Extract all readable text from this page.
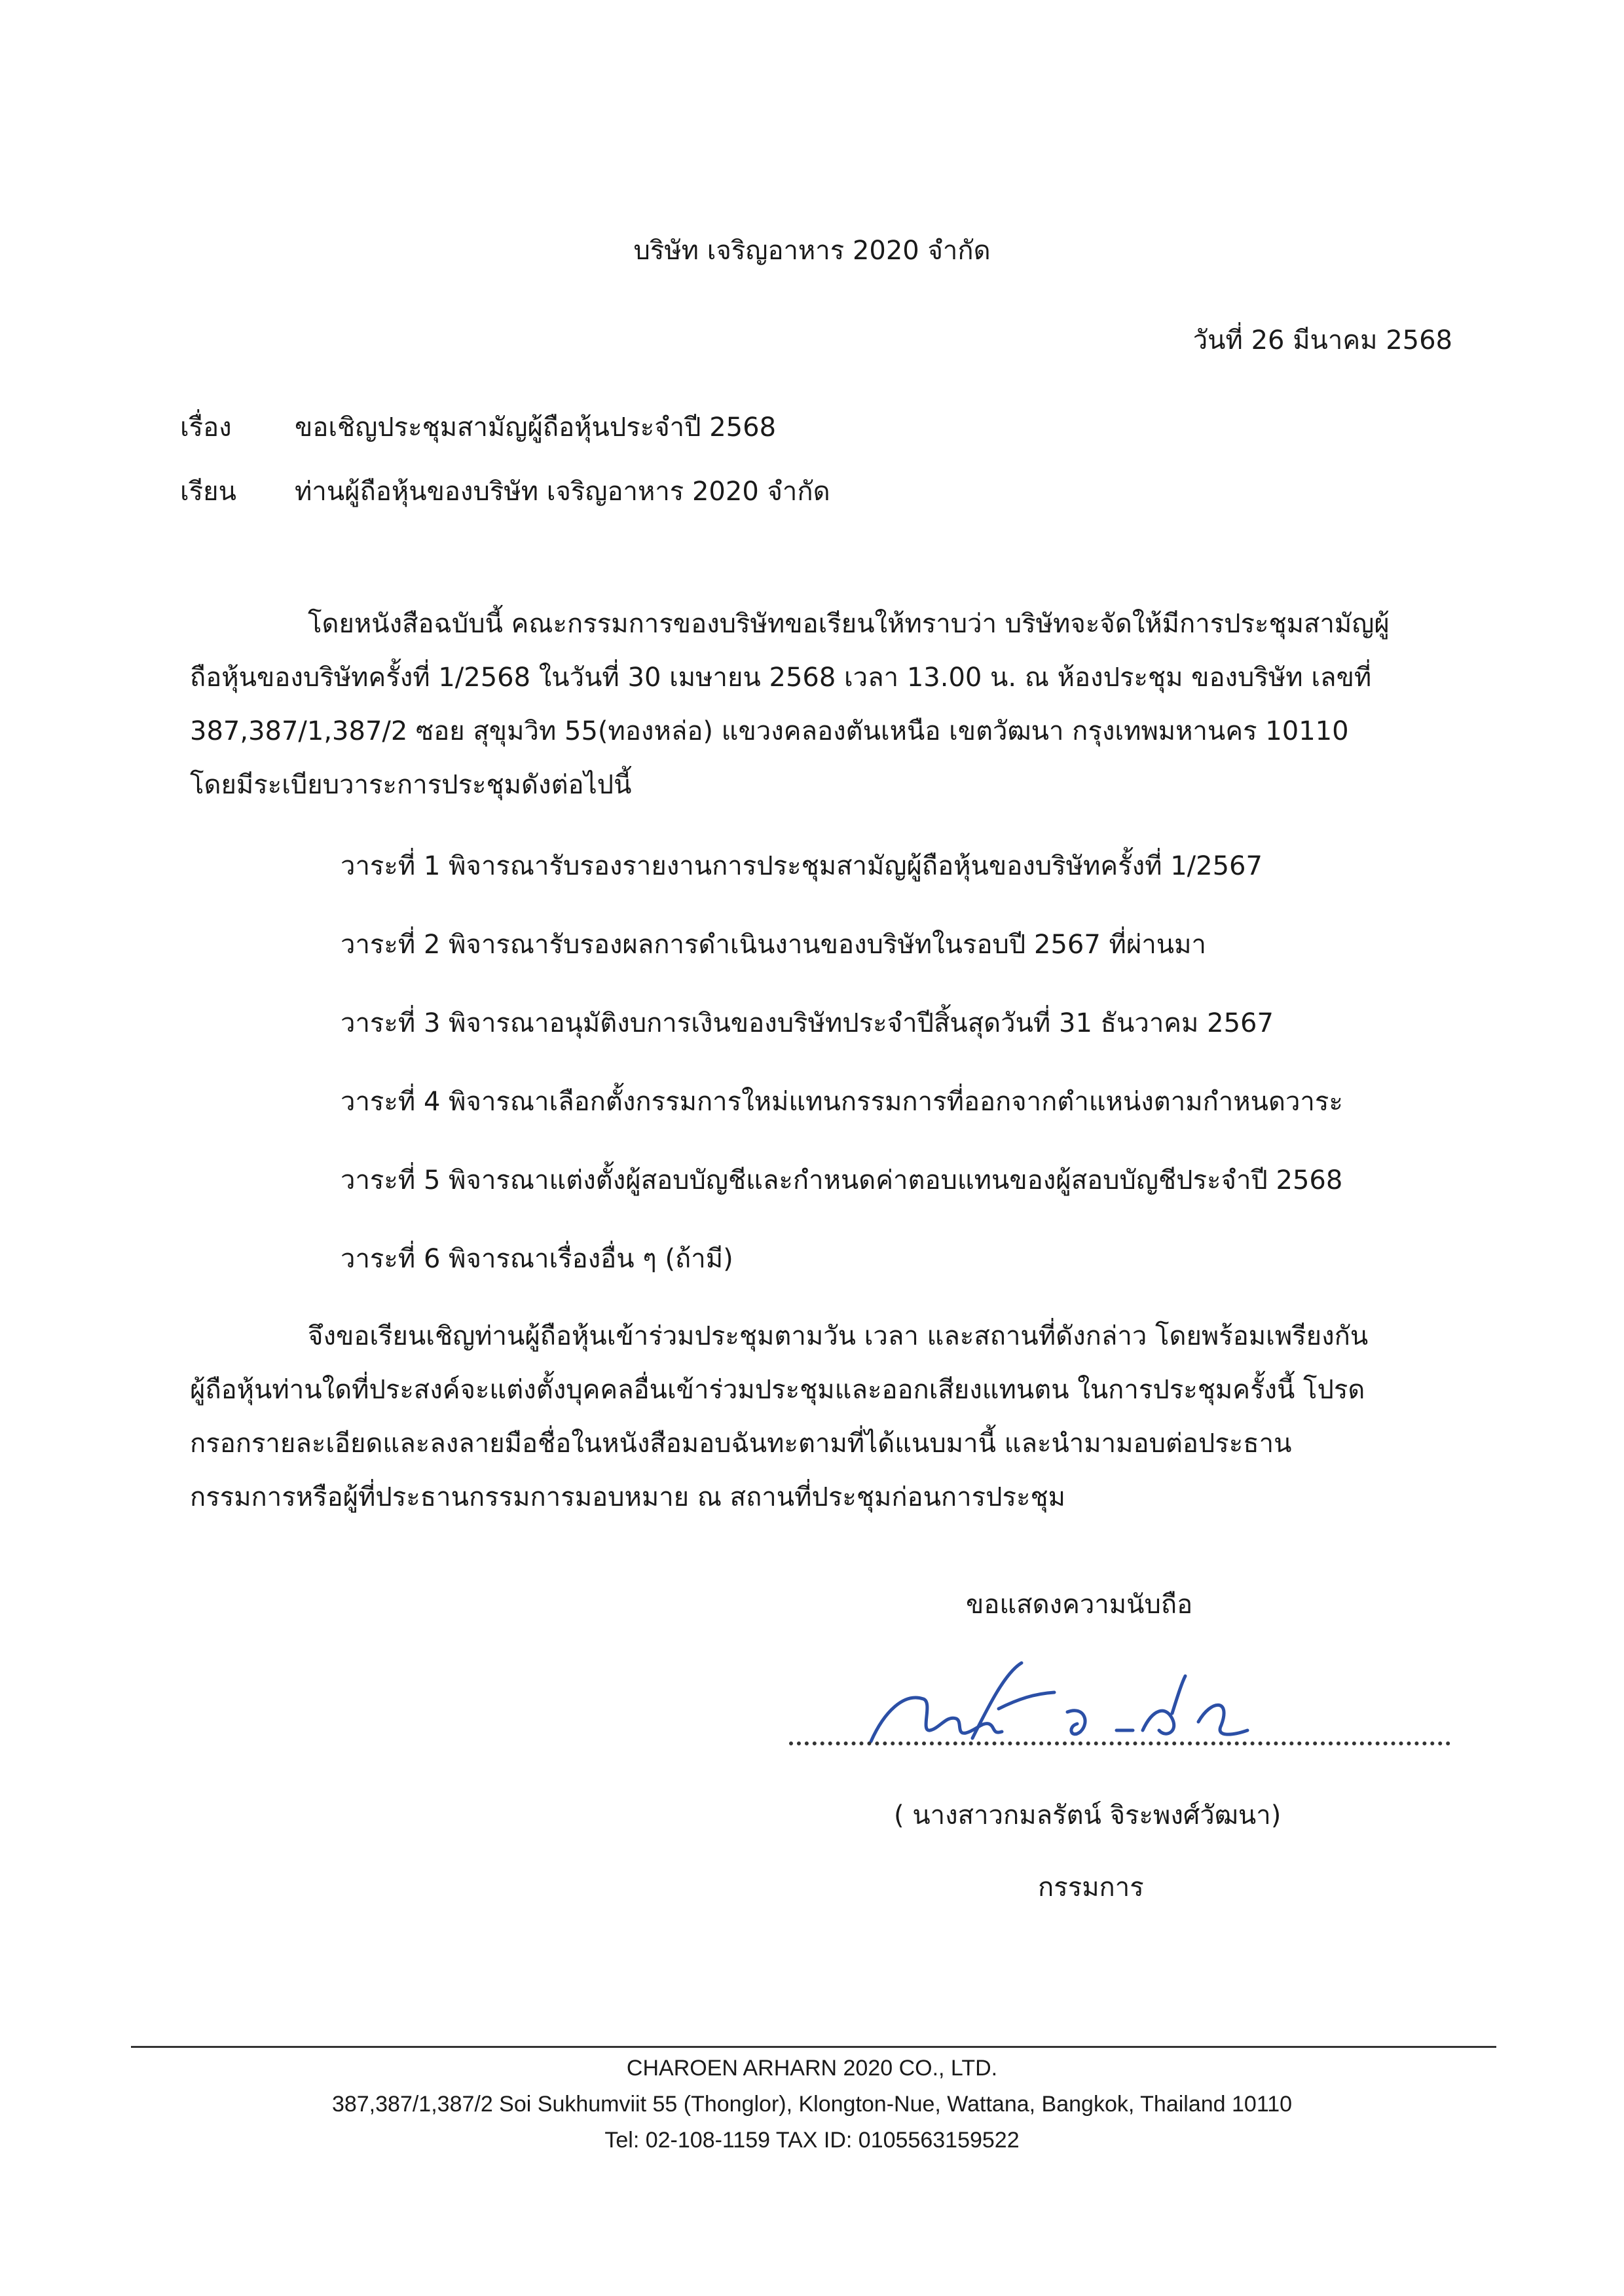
บริษัท เจริญอาหาร 2020 จำกัด
วันที่ 26 มีนาคม 2568
เรื่อง ขอเชิญประชุมสามัญผู้ถือหุ้นประจำปี 2568
เรียน ท่านผู้ถือหุ้นของบริษัท เจริญอาหาร 2020 จำกัด
โดยหนังสือฉบับนี้ คณะกรรมการของบริษัทขอเรียนให้ทราบว่า บริษัทจะจัดให้มีการประชุมสามัญผู้
ถือหุ้นของบริษัทครั้งที่ 1/2568 ในวันที่ 30 เมษายน 2568 เวลา 13.00 น. ณ ห้องประชุม ของบริษัท เลขที่
387,387/1,387/2 ซอย สุขุมวิท 55(ทองหล่อ) แขวงคลองตันเหนือ เขตวัฒนา กรุงเทพมหานคร 10110
โดยมีระเบียบวาระการประชุมดังต่อไปนี้
วาระที่ 1 พิจารณารับรองรายงานการประชุมสามัญผู้ถือหุ้นของบริษัทครั้งที่ 1/2567
วาระที่ 2 พิจารณารับรองผลการดำเนินงานของบริษัทในรอบปี 2567 ที่ผ่านมา
วาระที่ 3 พิจารณาอนุมัติงบการเงินของบริษัทประจำปีสิ้นสุดวันที่ 31 ธันวาคม 2567
วาระที่ 4 พิจารณาเลือกตั้งกรรมการใหม่แทนกรรมการที่ออกจากตำแหน่งตามกำหนดวาระ
วาระที่ 5 พิจารณาแต่งตั้งผู้สอบบัญชีและกำหนดค่าตอบแทนของผู้สอบบัญชีประจำปี 2568
วาระที่ 6 พิจารณาเรื่องอื่น ๆ (ถ้ามี)
จึงขอเรียนเชิญท่านผู้ถือหุ้นเข้าร่วมประชุมตามวัน เวลา และสถานที่ดังกล่าว โดยพร้อมเพรียงกัน
ผู้ถือหุ้นท่านใดที่ประสงค์จะแต่งตั้งบุคคลอื่นเข้าร่วมประชุมและออกเสียงแทนตน ในการประชุมครั้งนี้ โปรด
กรอกรายละเอียดและลงลายมือชื่อในหนังสือมอบฉันทะตามที่ได้แนบมานี้ และนำมามอบต่อประธาน
กรรมการหรือผู้ที่ประธานกรรมการมอบหมาย ณ สถานที่ประชุมก่อนการประชุม
ขอแสดงความนับถือ
( นางสาวกมลรัตน์ จิระพงศ์วัฒนา)
กรรมการ
CHAROEN ARHARN 2020 CO., LTD.
387,387/1,387/2 Soi Sukhumviit 55 (Thonglor), Klongton-Nue, Wattana, Bangkok, Thailand 10110
Tel: 02-108-1159 TAX ID: 0105563159522
